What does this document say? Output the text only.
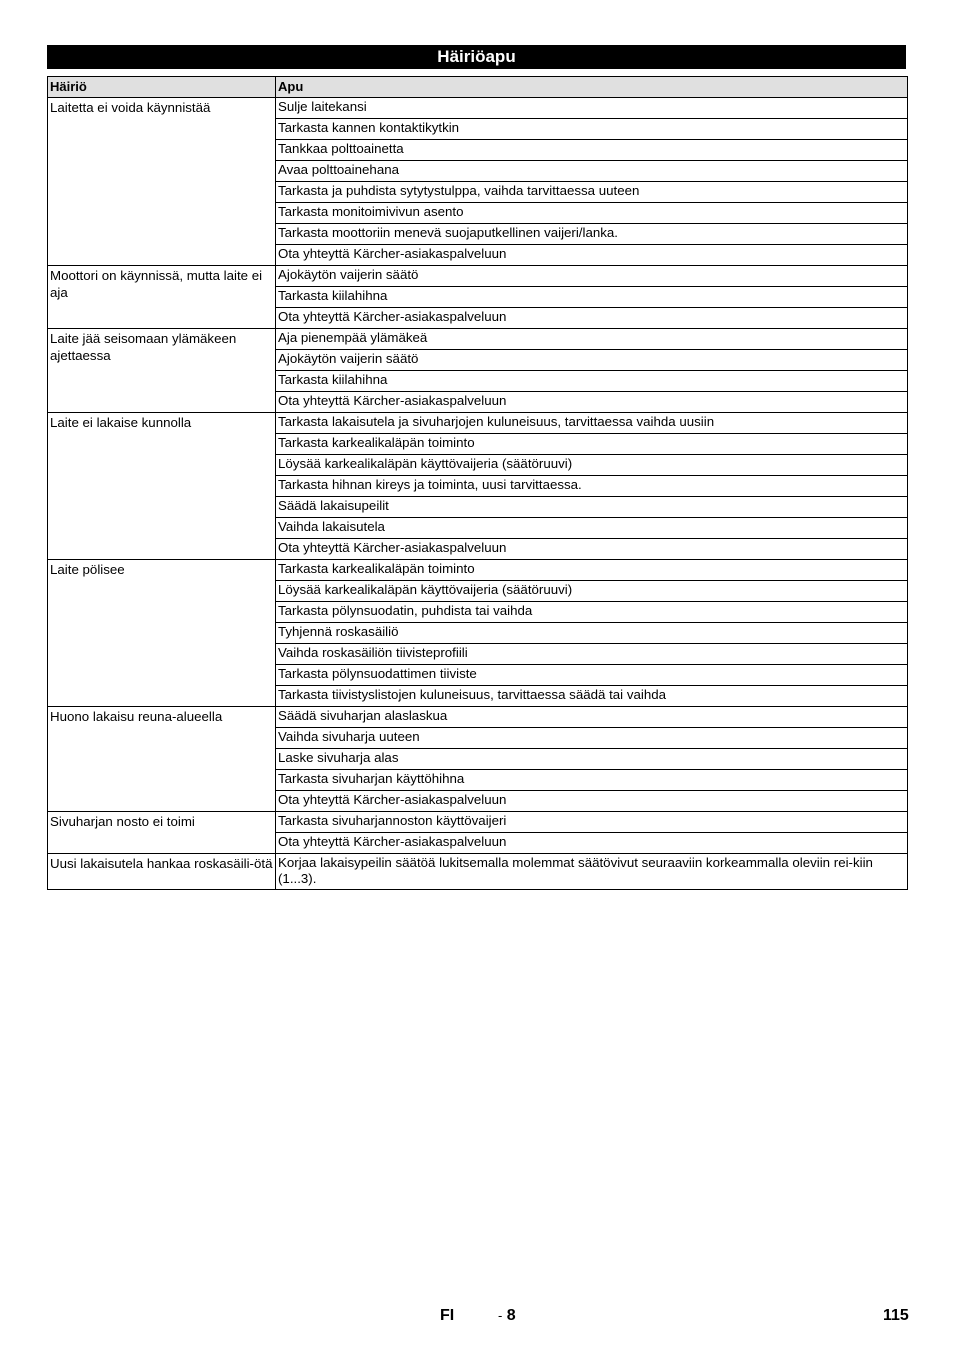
Häiriöapu
Häiriö	Apu
Laitetta ei voida käynnistää	Sulje laitekansi
	Tarkasta kannen kontaktikytkin
	Tankkaa polttoainetta
	Avaa polttoainehana
	Tarkasta ja puhdista sytytystulppa, vaihda tarvittaessa uuteen
	Tarkasta monitoimivivun asento
	Tarkasta moottoriin menevä suojaputkellinen vaijeri/lanka.
	Ota yhteyttä Kärcher-asiakaspalveluun
Moottori on käynnissä, mutta laite ei aja	Ajokäytön vaijerin säätö
	Tarkasta kiilahihna
	Ota yhteyttä Kärcher-asiakaspalveluun
Laite jää seisomaan ylämäkeen ajettaessa	Aja pienempää ylämäkeä
	Ajokäytön vaijerin säätö
	Tarkasta kiilahihna
	Ota yhteyttä Kärcher-asiakaspalveluun
Laite ei lakaise kunnolla	Tarkasta lakaisutela ja sivuharjojen kuluneisuus, tarvittaessa vaihda uusiin
	Tarkasta karkealikaläpän toiminto
	Löysää karkealikaläpän käyttövaijeria (säätöruuvi)
	Tarkasta hihnan kireys ja toiminta, uusi tarvittaessa.
	Säädä lakaisupeilit
	Vaihda lakaisutela
	Ota yhteyttä Kärcher-asiakaspalveluun
Laite pölisee	Tarkasta karkealikaläpän toiminto
	Löysää karkealikaläpän käyttövaijeria (säätöruuvi)
	Tarkasta pölynsuodatin, puhdista tai vaihda
	Tyhjennä roskasäiliö
	Vaihda roskasäiliön tiivisteprofiili
	Tarkasta pölynsuodattimen tiiviste
	Tarkasta tiivistyslistojen kuluneisuus, tarvittaessa säädä tai vaihda
Huono lakaisu reuna-alueella	Säädä sivuharjan alaslaskua
	Vaihda sivuharja uuteen
	Laske sivuharja alas
	Tarkasta sivuharjan käyttöhihna
	Ota yhteyttä Kärcher-asiakaspalveluun
Sivuharjan nosto ei toimi	Tarkasta sivuharjannoston käyttövaijeri
	Ota yhteyttä Kärcher-asiakaspalveluun
Uusi lakaisutela hankaa roskasäili-ötä	Korjaa lakaisypeilin säätöä lukitsemalla molemmat säätövivut seuraaviin korkeammalla oleviin rei-kiin (1...3).
FI	- 8	115
